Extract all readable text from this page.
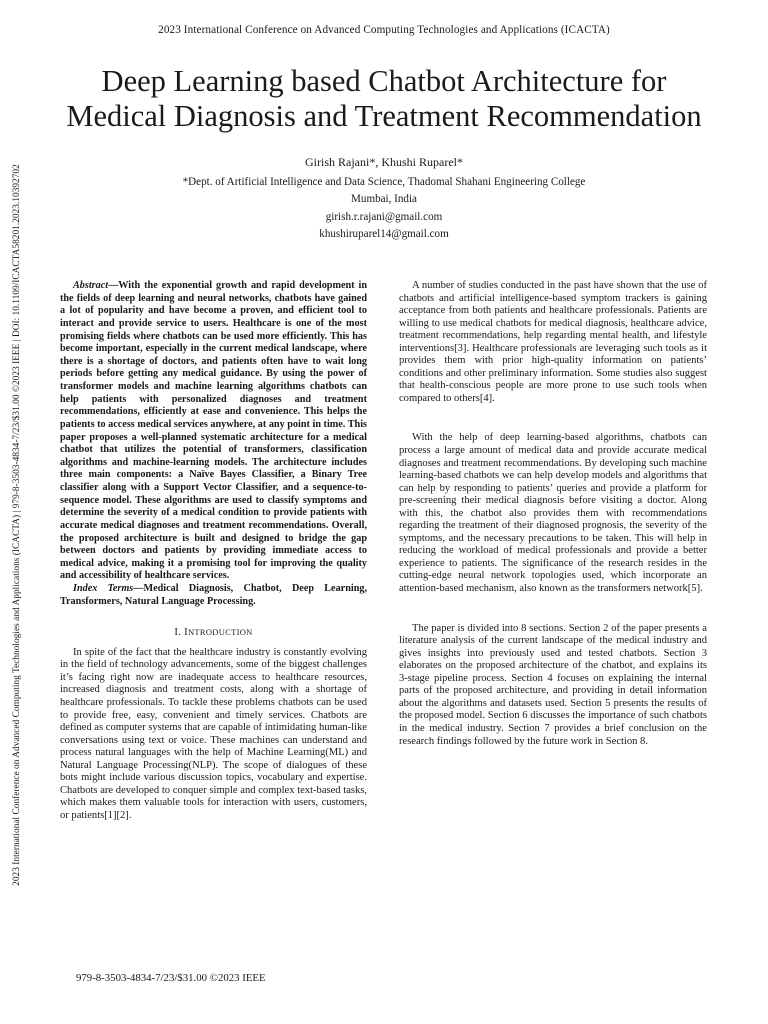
2023 International Conference on Advanced Computing Technologies and Applications (ICACTA)
2023 International Conference on Advanced Computing Technologies and Applications (ICACTA) | 979-8-3503-4834-7/23/$31.00 ©2023 IEEE | DOI: 10.1109/ICACTA58201.2023.10392702
Deep Learning based Chatbot Architecture for
Medical Diagnosis and Treatment Recommendation
Girish Rajani*, Khushi Ruparel*
*Dept. of Artificial Intelligence and Data Science, Thadomal Shahani Engineering College
Mumbai, India
girish.r.rajani@gmail.com
khushiruparel14@gmail.com

Abstract—With the exponential growth and rapid development in the fields of deep learning and neural networks, chatbots have gained a lot of popularity and have become a proven, and efficient tool to interact and provide service to users. Healthcare is one of the most promising fields where chatbots can be used more efficiently. This has become important, especially in the current medical landscape, where there is a shortage of doctors, and patients often have to wait long periods before getting any medical guidance. By using the power of transformer models and machine learning algorithms chatbots can help patients with personalized diagnoses and treatment recommendations, efficiently at ease and convenience. This helps the patients to access medical services anywhere, at any point in time. This paper proposes a well-planned systematic architecture for a medical chatbot that utilizes the potential of transformers, classification algorithms and machine-learning models. The architecture includes three main components: a Naïve Bayes Classifier, a Binary Tree classifier along with a Support Vector Classifier, and a sequence-to-sequence model. These algorithms are used to classify symptoms and determine the severity of a medical condition to provide patients with accurate medical diagnoses and treatment recommendations. Overall, the proposed architecture is built and designed to bridge the gap between doctors and patients by providing immediate access to medical advice, making it a promising tool for improving the quality and accessibility of healthcare services.

Index Terms—Medical Diagnosis, Chatbot, Deep Learning, Transformers, Natural Language Processing.

I. INTRODUCTION

In spite of the fact that the healthcare industry is constantly evolving in the field of technology advancements, some of the biggest challenges it’s facing right now are inadequate access to healthcare resources, increased diagnosis and treatment costs, along with a shortage of healthcare professionals. To tackle these problems chatbots can be used to provide free, easy, convenient and timely services. Chatbots are defined as computer systems that are capable of intimidating human-like conversations using text or voice. These machines can understand and process natural languages with the help of Machine Learning(ML) and Natural Language Processing(NLP). The scope of dialogues of these bots might include various discussion topics, vocabulary and expertise. Chatbots are developed to conquer simple and complex text-based tasks, which makes them valuable tools for interaction with users, customers, or patients[1][2].

A number of studies conducted in the past have shown that the use of chatbots and artificial intelligence-based symptom trackers is gaining acceptance from both patients and healthcare professionals. Patients are willing to use medical chatbots for medical diagnosis, healthcare advice, treatment recommendations, help regarding mental health, and lifestyle interventions[3]. Healthcare professionals are leveraging such tools as it provides them with prior high-quality information on patients’ conditions and other preliminary information. Some studies also suggest that health-conscious people are more prone to use such tools when compared to others[4].

With the help of deep learning-based algorithms, chatbots can process a large amount of medical data and provide accurate medical diagnoses and treatment recommendations. By developing such machine learning-based chatbots we can help develop models and algorithms that can help by responding to patients’ queries and provide a platform for pre-screening their medical diagnosis before visiting a doctor. Along with this, the chatbot also provides them with recommendations regarding the treatment of their diagnosed prognosis, the severity of the symptoms, and the necessary precautions to be taken. This will help in reducing the workload of medical professionals and provide a better experience to patients. The significance of the research resides in the cutting-edge neural network topologies used, which incorporate an attention-based mechanism, also known as the transformers network[5].

The paper is divided into 8 sections. Section 2 of the paper presents a literature analysis of the current landscape of the medical industry and gives insights into previously used and tested chatbots. Section 3 elaborates on the proposed architecture of the chatbot, and explains its 3-stage pipeline process. Section 4 focuses on explaining the internal parts of the proposed architecture, and providing in detail information about the algorithms and datasets used. Section 5 presents the results of the proposed model. Section 6 discusses the importance of such chatbots in the medical industry. Section 7 provides a brief conclusion on the research findings followed by the future work in Section 8.

979-8-3503-4834-7/23/$31.00 ©2023 IEEE
